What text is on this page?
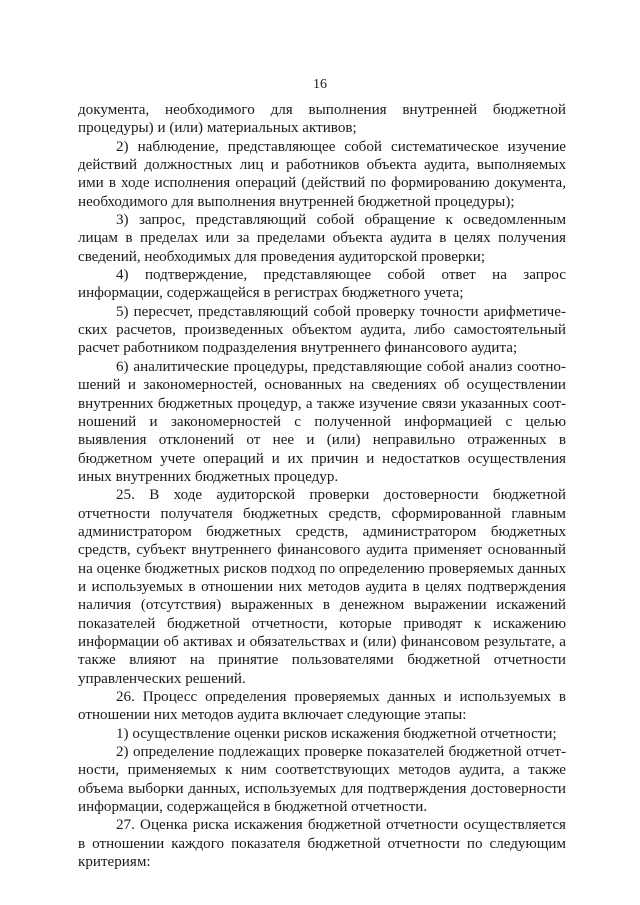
16

документа, необходимого для выполнения внутренней бюджетной процедуры) и (или) материальных активов;

2) наблюдение, представляющее собой систематическое изучение действий должностных лиц и работников объекта аудита, выполняемых ими в ходе исполнения операций (действий по формированию документа, необходимого для выполнения внутренней бюджетной процедуры);

3) запрос, представляющий собой обращение к осведомленным лицам в пределах или за пределами объекта аудита в целях получения сведений, необходимых для проведения аудиторской проверки;

4) подтверждение, представляющее собой ответ на запрос информации, содержащейся в регистрах бюджетного учета;

5) пересчет, представляющий собой проверку точности арифметических расчетов, произведенных объектом аудита, либо самостоятельный расчет работником подразделения внутреннего финансового аудита;

6) аналитические процедуры, представляющие собой анализ соотношений и закономерностей, основанных на сведениях об осуществлении внутренних бюджетных процедур, а также изучение связи указанных соотношений и закономерностей с полученной информацией с целью выявления отклонений от нее и (или) неправильно отраженных в бюджетном учете операций и их причин и недостатков осуществления иных внутренних бюджетных процедур.

25. В ходе аудиторской проверки достоверности бюджетной отчетности получателя бюджетных средств, сформированной главным администратором бюджетных средств, администратором бюджетных средств, субъект внутреннего финансового аудита применяет основанный на оценке бюджетных рисков подход по определению проверяемых данных и используемых в отношении них методов аудита в целях подтверждения наличия (отсутствия) выраженных в денежном выражении искажений показателей бюджетной отчетности, которые приводят к искажению информации об активах и обязательствах и (или) финансовом результате, а также влияют на принятие пользователями бюджетной отчетности управленческих решений.

26. Процесс определения проверяемых данных и используемых в отношении них методов аудита включает следующие этапы:

1) осуществление оценки рисков искажения бюджетной отчетности;

2) определение подлежащих проверке показателей бюджетной отчетности, применяемых к ним соответствующих методов аудита, а также объема выборки данных, используемых для подтверждения достоверности информации, содержащейся в бюджетной отчетности.

27. Оценка риска искажения бюджетной отчетности осуществляется в отношении каждого показателя бюджетной отчетности по следующим критериям:
